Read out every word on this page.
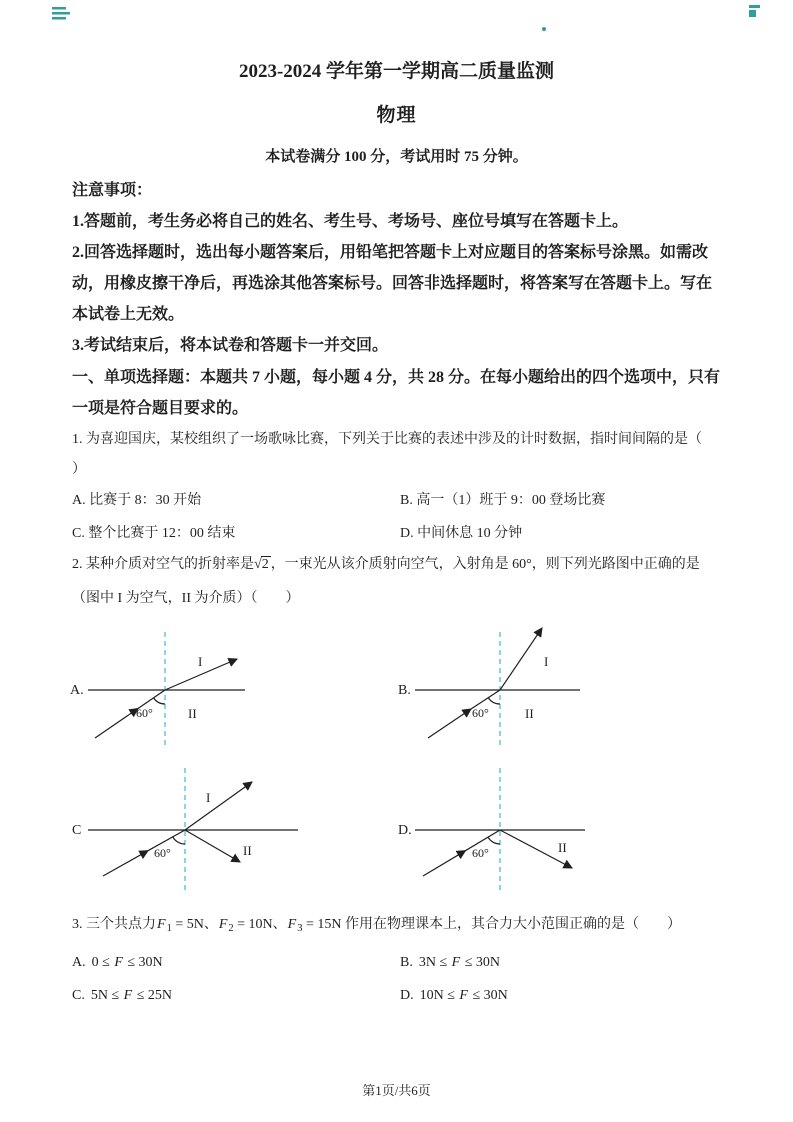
2023-2024 学年第一学期高二质量监测
物理
本试卷满分 100 分，考试用时 75 分钟。
注意事项：
1.答题前，考生务必将自己的姓名、考生号、考场号、座位号填写在答题卡上。
2.回答选择题时，选出每小题答案后，用铅笔把答题卡上对应题目的答案标号涂黑。如需改
动，用橡皮擦干净后，再选涂其他答案标号。回答非选择题时，将答案写在答题卡上。写在
本试卷上无效。
3.考试结束后，将本试卷和答题卡一并交回。
一、单项选择题：本题共 7 小题，每小题 4 分，共 28 分。在每小题给出的四个选项中，只有
一项是符合题目要求的。
1. 为喜迎国庆，某校组织了一场歌咏比赛，下列关于比赛的表述中涉及的计时数据，指时间间隔的是（
）
A. 比赛于 8：30 开始	B. 高一（1）班于 9：00 登场比赛
C. 整个比赛于 12：00 结束	D. 中间休息 10 分钟
2. 某种介质对空气的折射率是√2 ，一束光从该介质射向空气，入射角是 60°，则下列光路图中正确的是
（图中 I 为空气，II 为介质）（　　）
A.
60°
I
II
B.
60°
I
II
C
60°
I
II
D.
60°	II
3. 三个共点力$F_1 = 5N$、$F_2 = 10N$、$F_3 = 15N$ 作用在物理课本上，其合力大小范围正确的是（　　）
A. 0 ≤ F ≤ 30N	B. 3N ≤ F ≤ 30N
C. 5N ≤ F ≤ 25N	D. 10N ≤ F ≤ 30N
第1页/共6页
